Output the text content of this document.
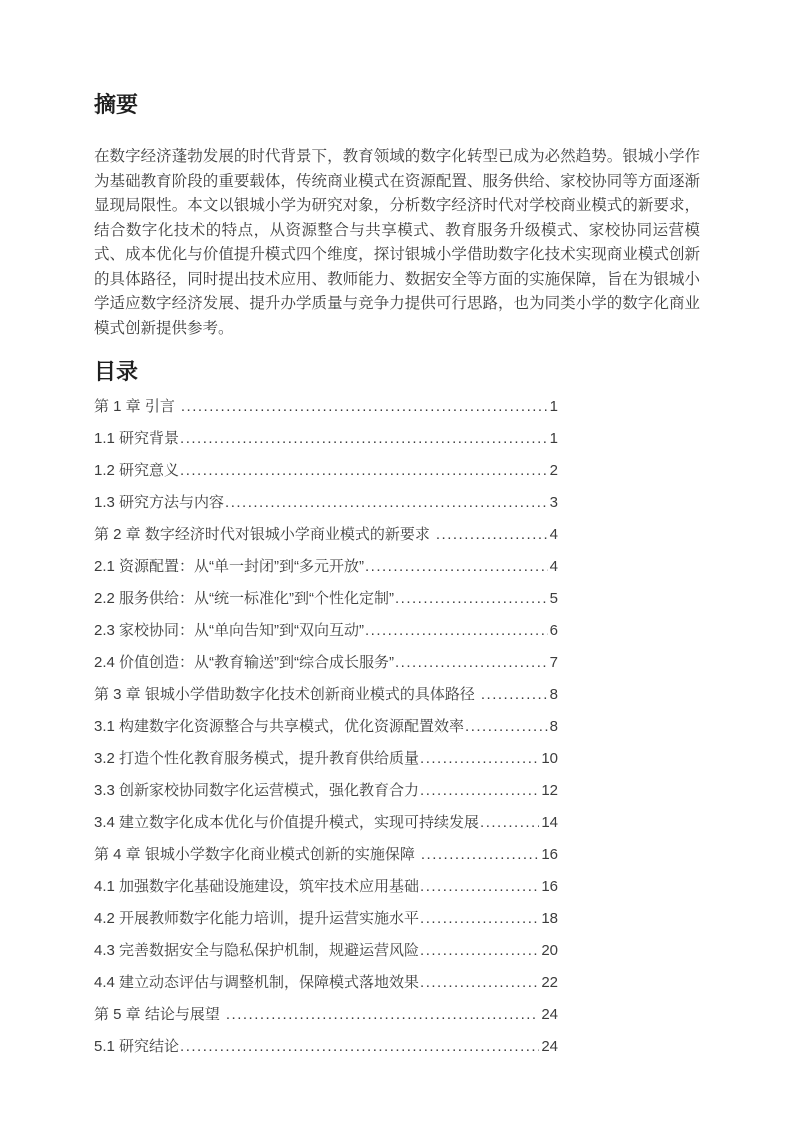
摘要

在数字经济蓬勃发展的时代背景下，教育领域的数字化转型已成为必然趋势。银城小学作为基础教育阶段的重要载体，传统商业模式在资源配置、服务供给、家校协同等方面逐渐显现局限性。本文以银城小学为研究对象，分析数字经济时代对学校商业模式的新要求，结合数字化技术的特点，从资源整合与共享模式、教育服务升级模式、家校协同运营模式、成本优化与价值提升模式四个维度，探讨银城小学借助数字化技术实现商业模式创新的具体路径，同时提出技术应用、教师能力、数据安全等方面的实施保障，旨在为银城小学适应数字经济发展、提升办学质量与竞争力提供可行思路，也为同类小学的数字化商业模式创新提供参考。

目录
第 1 章 引言 .....	1
1.1 研究背景 .....	1
1.2 研究意义 .....	2
1.3 研究方法与内容 .....	3
第 2 章 数字经济时代对银城小学商业模式的新要求 .....	4
2.1 资源配置：从“单一封闭”到“多元开放” .....	4
2.2 服务供给：从“统一标准化”到“个性化定制” .....	5
2.3 家校协同：从“单向告知”到“双向互动” .....	6
2.4 价值创造：从“教育输送”到“综合成长服务” .....	7
第 3 章 银城小学借助数字化技术创新商业模式的具体路径 .....	8
3.1 构建数字化资源整合与共享模式，优化资源配置效率 .....	8
3.2 打造个性化教育服务模式，提升教育供给质量 .....	10
3.3 创新家校协同数字化运营模式，强化教育合力 .....	12
3.4 建立数字化成本优化与价值提升模式，实现可持续发展 .....	14
第 4 章 银城小学数字化商业模式创新的实施保障 .....	16
4.1 加强数字化基础设施建设，筑牢技术应用基础 .....	16
4.2 开展教师数字化能力培训，提升运营实施水平 .....	18
4.3 完善数据安全与隐私保护机制，规避运营风险 .....	20
4.4 建立动态评估与调整机制，保障模式落地效果 .....	22
第 5 章 结论与展望 .....	24
5.1 研究结论 .....	24
